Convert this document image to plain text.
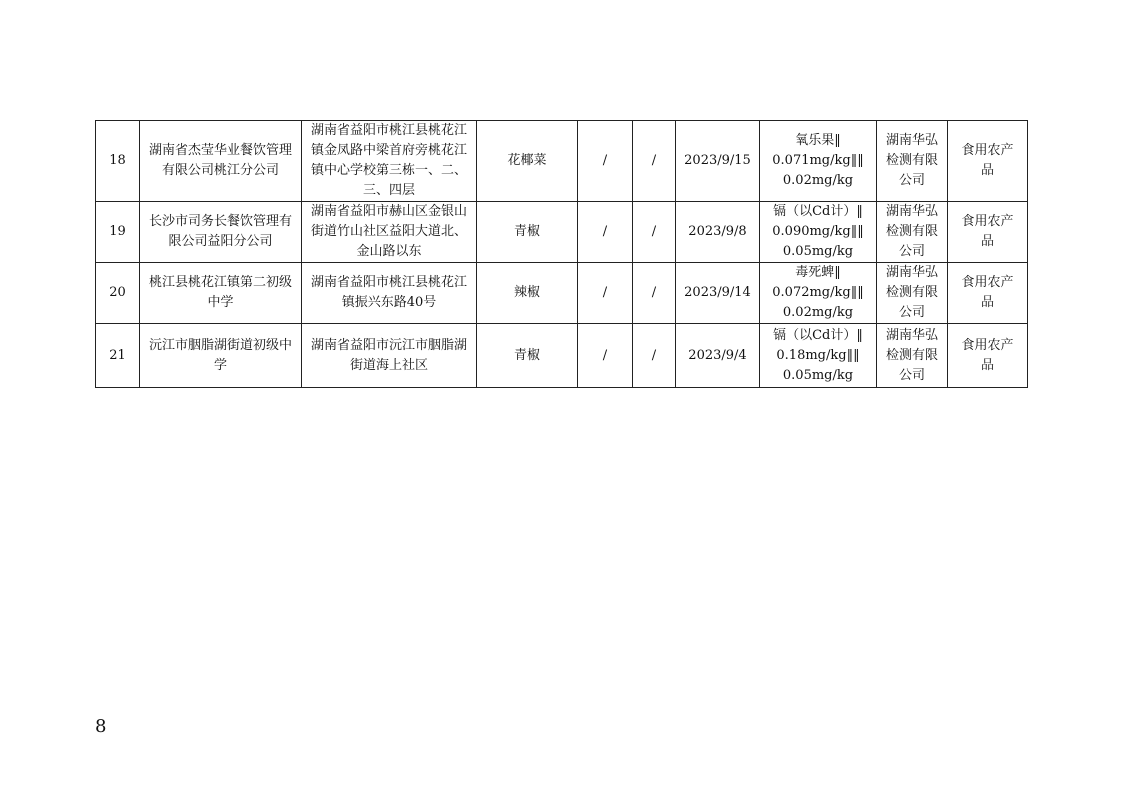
18	湖南省杰莹华业餐饮管理
有限公司桃江分公司	湖南省益阳市桃江县桃花江
镇金凤路中梁首府旁桃花江
镇中心学校第三栋一、二、
三、四层	花椰菜	/	/	2023/9/15	氧乐果‖
0.071mg/kg‖‖
0.02mg/kg	湖南华弘
检测有限
公司	食用农产
品
19	长沙市司务长餐饮管理有
限公司益阳分公司	湖南省益阳市赫山区金银山
街道竹山社区益阳大道北、
金山路以东	青椒	/	/	2023/9/8	镉（以Cd计）‖
0.090mg/kg‖‖
0.05mg/kg	湖南华弘
检测有限
公司	食用农产
品
20	桃江县桃花江镇第二初级
中学	湖南省益阳市桃江县桃花江
镇振兴东路40号	辣椒	/	/	2023/9/14	毒死蜱‖
0.072mg/kg‖‖
0.02mg/kg	湖南华弘
检测有限
公司	食用农产
品
21	沅江市胭脂湖街道初级中
学	湖南省益阳市沅江市胭脂湖
街道海上社区	青椒	/	/	2023/9/4	镉（以Cd计）‖
0.18mg/kg‖‖
0.05mg/kg	湖南华弘
检测有限
公司	食用农产
品
8
